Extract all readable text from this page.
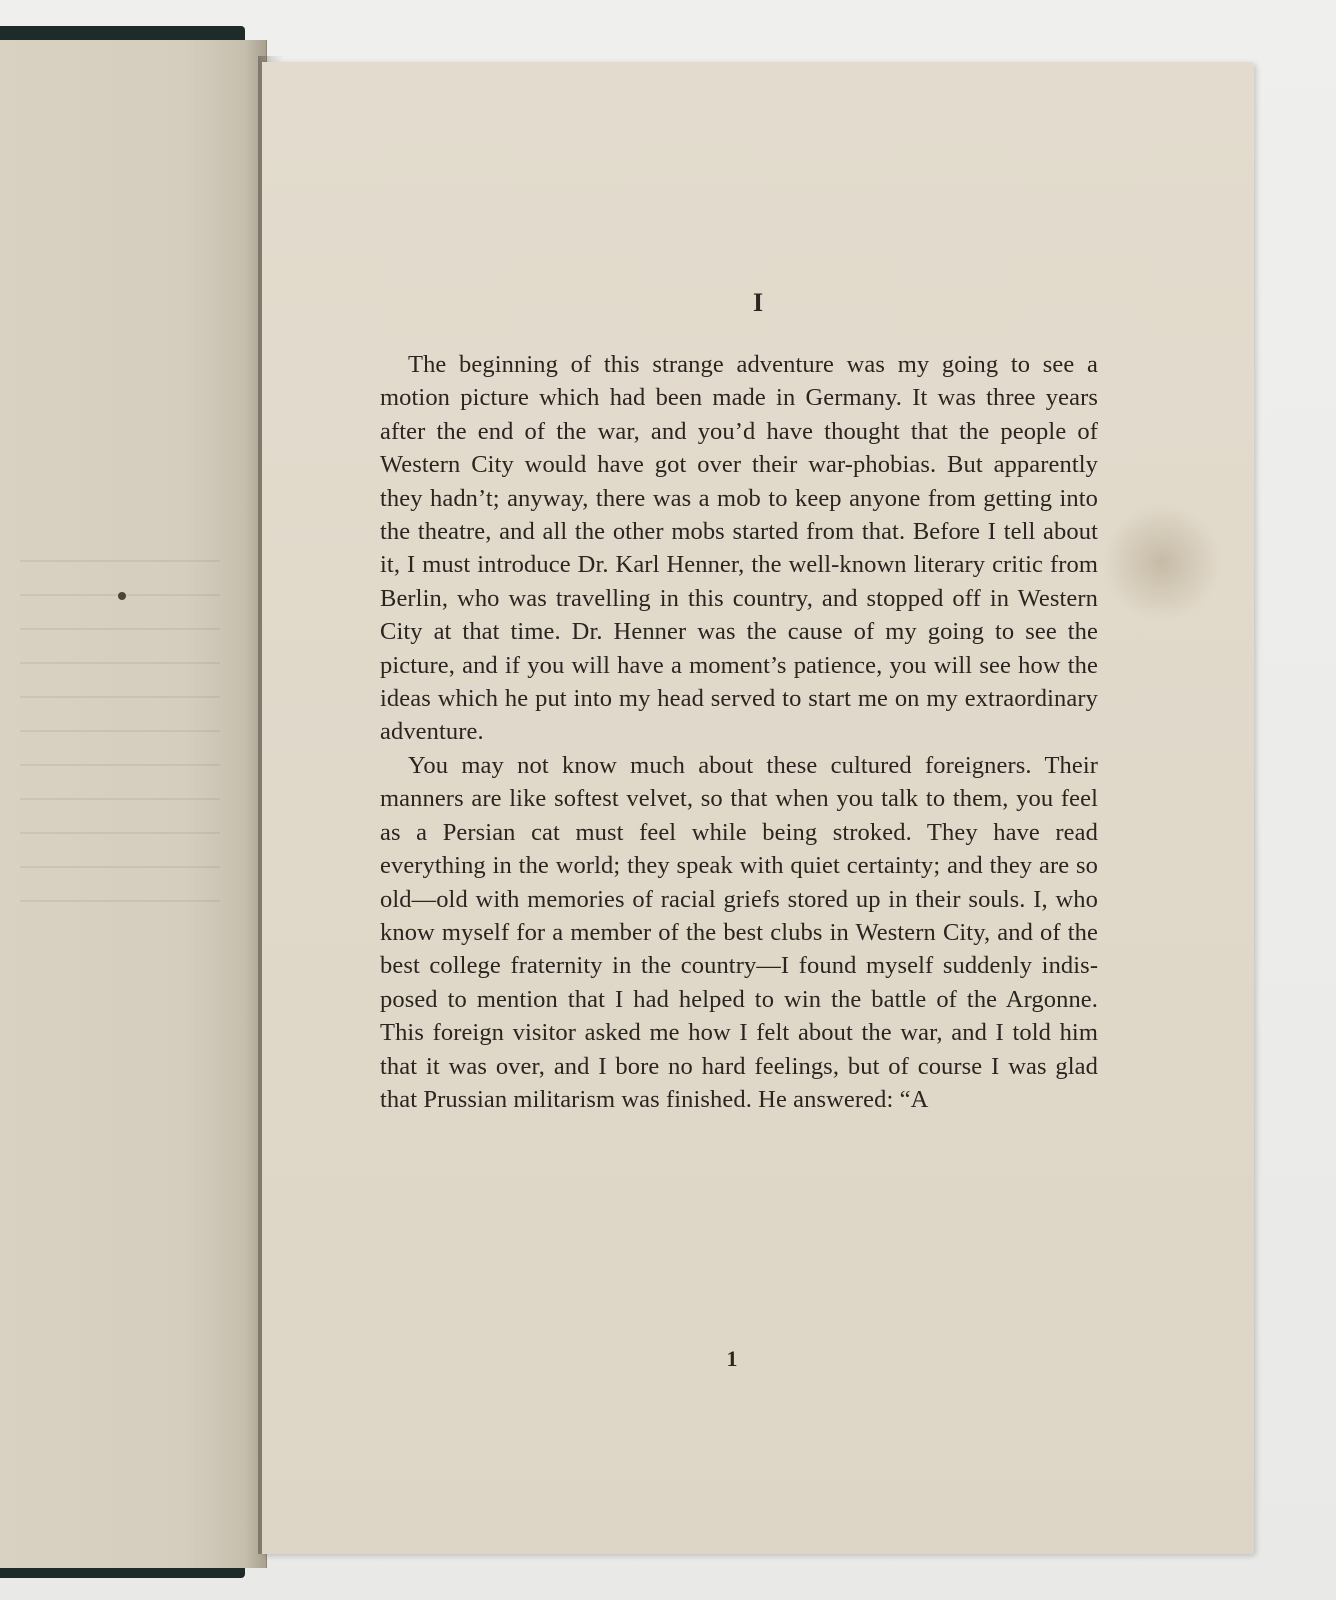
I

The beginning of this strange adventure was my going to see a motion picture which had been made in Germany. It was three years after the end of the war, and you’d have thought that the people of Western City would have got over their war-phobias. But apparently they hadn’t; anyway, there was a mob to keep anyone from getting into the theatre, and all the other mobs started from that. Before I tell about it, I must introduce Dr. Karl Henner, the well-known literary critic from Berlin, who was travelling in this country, and stopped off in Western City at that time. Dr. Henner was the cause of my going to see the picture, and if you will have a moment’s patience, you will see how the ideas which he put into my head served to start me on my extraordinary adventure.

You may not know much about these cultured foreigners. Their manners are like softest velvet, so that when you talk to them, you feel as a Persian cat must feel while being stroked. They have read everything in the world; they speak with quiet certainty; and they are so old—old with memories of racial griefs stored up in their souls. I, who know myself for a member of the best clubs in Western City, and of the best college fraternity in the country—I found myself suddenly indisposed to mention that I had helped to win the battle of the Argonne. This foreign visitor asked me how I felt about the war, and I told him that it was over, and I bore no hard feelings, but of course I was glad that Prussian militarism was finished. He answered: “A

1
